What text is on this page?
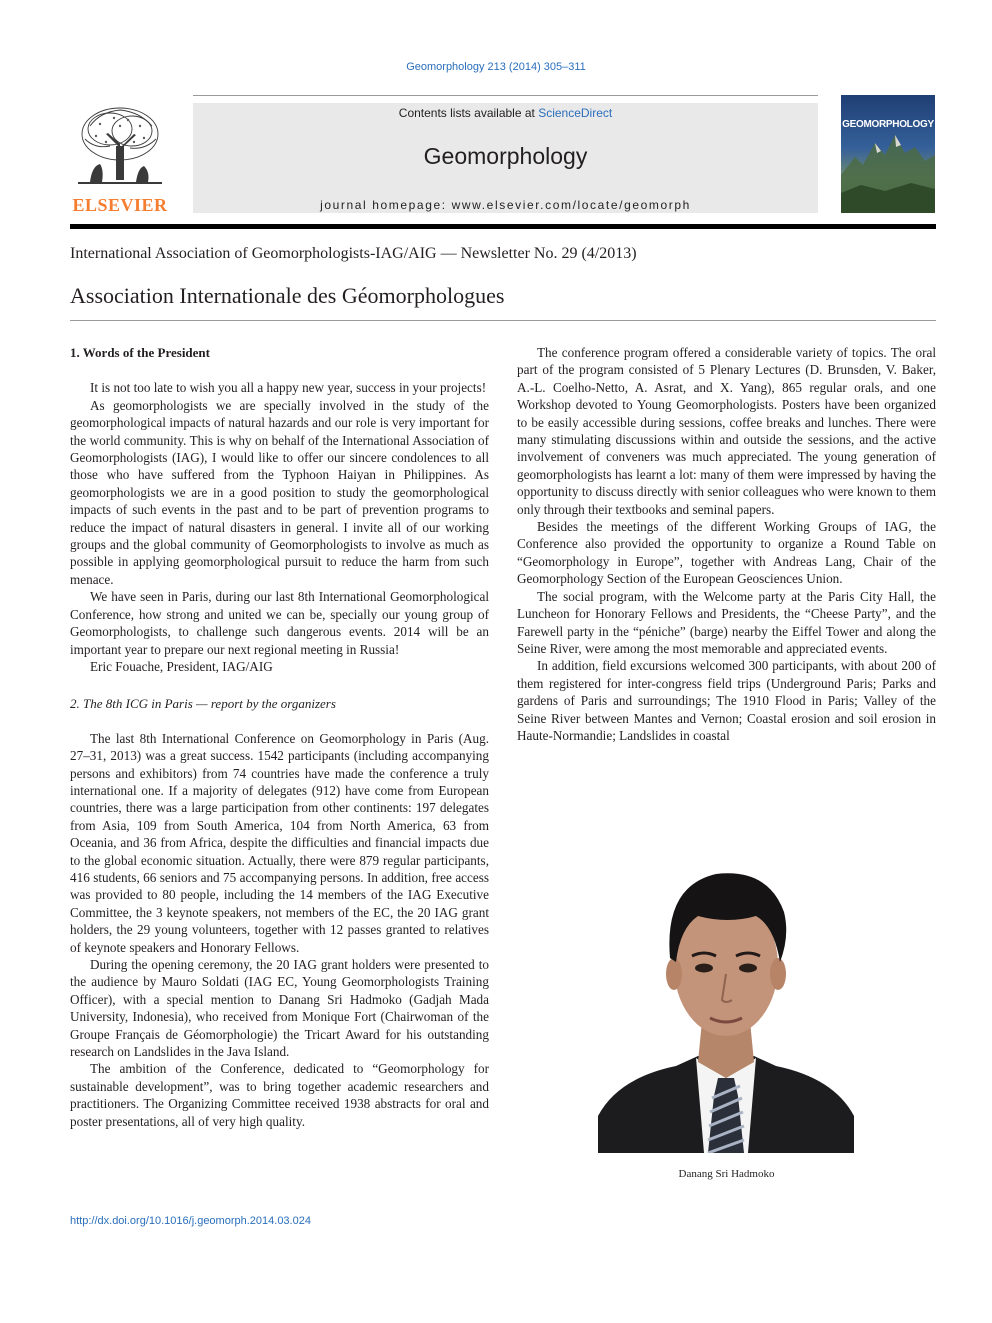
Geomorphology 213 (2014) 305–311
ELSEVIER
Contents lists available at ScienceDirect
Geomorphology
journal homepage: www.elsevier.com/locate/geomorph
GEOMORPHOLOGY
International Association of Geomorphologists-IAG/AIG — Newsletter No. 29 (4/2013)
Association Internationale des Géomorphologues
1. Words of the President

It is not too late to wish you all a happy new year, success in your projects!

As geomorphologists we are specially involved in the study of the geomorphological impacts of natural hazards and our role is very important for the world community. This is why on behalf of the International Association of Geomorphologists (IAG), I would like to offer our sincere condolences to all those who have suffered from the Typhoon Haiyan in Philippines. As geomorphologists we are in a good position to study the geomorphological impacts of such events in the past and to be part of prevention programs to reduce the impact of natural disasters in general. I invite all of our working groups and the global community of Geomorphologists to involve as much as possible in applying geomorphological pursuit to reduce the harm from such menace.

We have seen in Paris, during our last 8th International Geomorphological Conference, how strong and united we can be, specially our young group of Geomorphologists, to challenge such dangerous events. 2014 will be an important year to prepare our next regional meeting in Russia!

Eric Fouache, President, IAG/AIG

2. The 8th ICG in Paris — report by the organizers

The last 8th International Conference on Geomorphology in Paris (Aug. 27–31, 2013) was a great success. 1542 participants (including accompanying persons and exhibitors) from 74 countries have made the conference a truly international one. If a majority of delegates (912) have come from European countries, there was a large participation from other continents: 197 delegates from Asia, 109 from South America, 104 from North America, 63 from Oceania, and 36 from Africa, despite the difficulties and financial impacts due to the global economic situation. Actually, there were 879 regular participants, 416 students, 66 seniors and 75 accompanying persons. In addition, free access was provided to 80 people, including the 14 members of the IAG Executive Committee, the 3 keynote speakers, not members of the EC, the 20 IAG grant holders, the 29 young volunteers, together with 12 passes granted to relatives of keynote speakers and Honorary Fellows.

During the opening ceremony, the 20 IAG grant holders were presented to the audience by Mauro Soldati (IAG EC, Young Geomorphologists Training Officer), with a special mention to Danang Sri Hadmoko (Gadjah Mada University, Indonesia), who received from Monique Fort (Chairwoman of the Groupe Français de Géomorphologie) the Tricart Award for his outstanding research on Landslides in the Java Island.

The ambition of the Conference, dedicated to “Geomorphology for sustainable development”, was to bring together academic researchers and practitioners. The Organizing Committee received 1938 abstracts for oral and poster presentations, all of very high quality.

The conference program offered a considerable variety of topics. The oral part of the program consisted of 5 Plenary Lectures (D. Brunsden, V. Baker, A.-L. Coelho-Netto, A. Asrat, and X. Yang), 865 regular orals, and one Workshop devoted to Young Geomorphologists. Posters have been organized to be easily accessible during sessions, coffee breaks and lunches. There were many stimulating discussions within and outside the sessions, and the active involvement of conveners was much appreciated. The young generation of geomorphologists has learnt a lot: many of them were impressed by having the opportunity to discuss directly with senior colleagues who were known to them only through their textbooks and seminal papers.

Besides the meetings of the different Working Groups of IAG, the Conference also provided the opportunity to organize a Round Table on “Geomorphology in Europe”, together with Andreas Lang, Chair of the Geomorphology Section of the European Geosciences Union.

The social program, with the Welcome party at the Paris City Hall, the Luncheon for Honorary Fellows and Presidents, the “Cheese Party”, and the Farewell party in the “péniche” (barge) nearby the Eiffel Tower and along the Seine River, were among the most memorable and appreciated events.

In addition, field excursions welcomed 300 participants, with about 200 of them registered for inter-congress field trips (Underground Paris; Parks and gardens of Paris and surroundings; The 1910 Flood in Paris; Valley of the Seine River between Mantes and Vernon; Coastal erosion and soil erosion in Haute-Normandie; Landslides in coastal

Danang Sri Hadmoko
http://dx.doi.org/10.1016/j.geomorph.2014.03.024
